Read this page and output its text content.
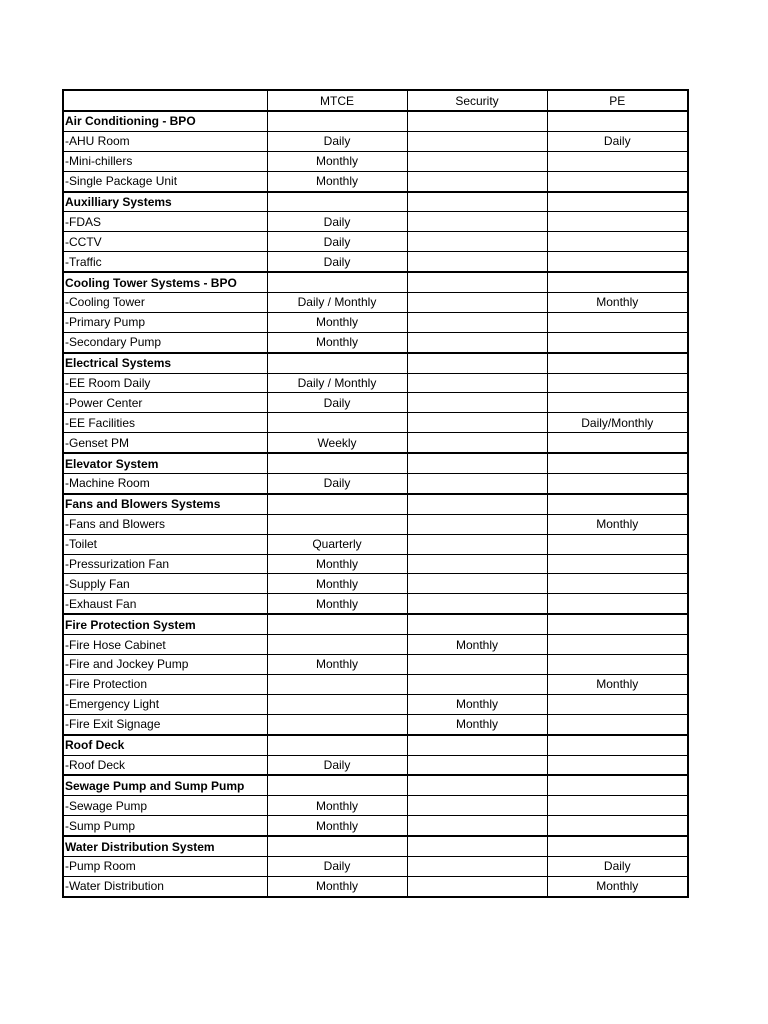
	MTCE	Security	PE
Air Conditioning - BPO			
-AHU Room	Daily		Daily
-Mini-chillers	Monthly		
-Single Package Unit	Monthly		
Auxilliary Systems			
-FDAS	Daily		
-CCTV	Daily		
-Traffic	Daily		
Cooling Tower Systems - BPO			
-Cooling Tower	Daily / Monthly		Monthly
-Primary Pump	Monthly		
-Secondary Pump	Monthly		
Electrical Systems			
-EE Room Daily	Daily / Monthly		
-Power Center	Daily		
-EE Facilities			Daily/Monthly
-Genset PM	Weekly		
Elevator System			
-Machine Room	Daily		
Fans and Blowers Systems			
-Fans and Blowers			Monthly
-Toilet	Quarterly		
-Pressurization Fan	Monthly		
-Supply Fan	Monthly		
-Exhaust Fan	Monthly		
Fire Protection System			
-Fire Hose Cabinet		Monthly	
-Fire and Jockey Pump	Monthly		
-Fire Protection			Monthly
-Emergency Light		Monthly	
-Fire Exit Signage		Monthly	
Roof Deck			
-Roof Deck	Daily		
Sewage Pump and Sump Pump			
-Sewage Pump	Monthly		
-Sump Pump	Monthly		
Water Distribution System			
-Pump Room	Daily		Daily
-Water Distribution	Monthly		Monthly
